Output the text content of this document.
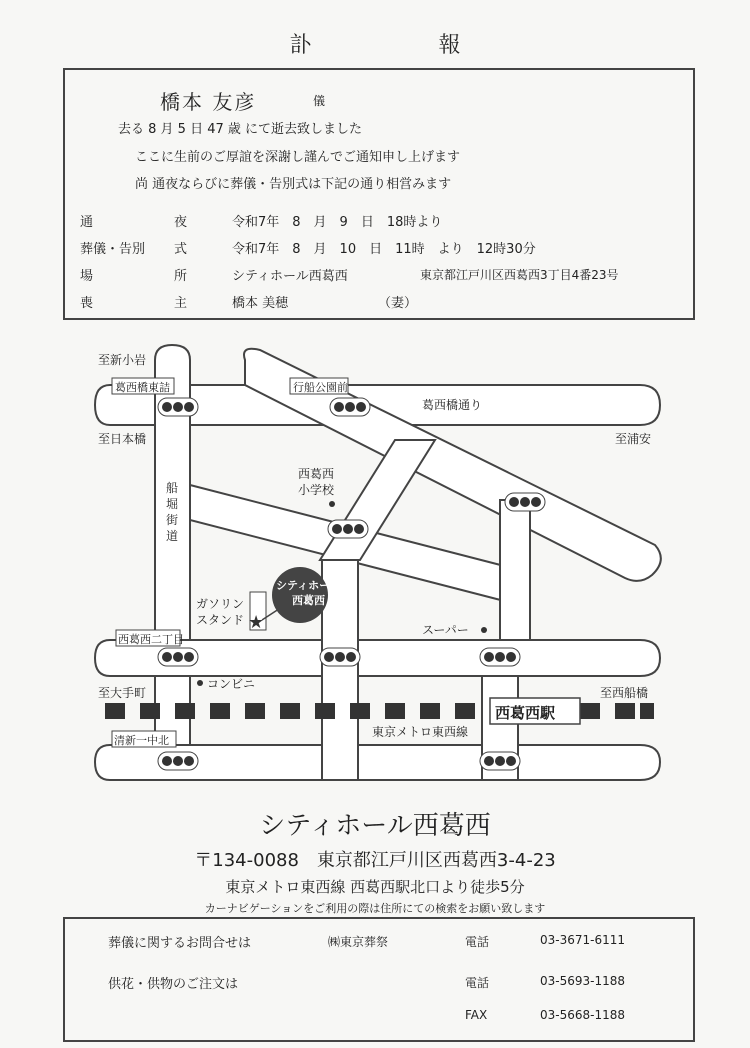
訃 報
橋本 友彦	儀
去る 8 月 5 日 47 歳 にて逝去致しました
ここに生前のご厚誼を深謝し謹んでご通知申し上げます
尚 通夜ならびに葬儀・告別式は下記の通り相営みます
通	夜	令和7年　8　月　9　日　18時より
葬儀・告別 式	令和7年　8　月　10　日　11時　より　12時30分
場	所	シティホール西葛西	東京都江戸川区西葛西3丁目4番23号
喪	主	橋本 美穂	（妻）
★
至新小岩
葛西橋東詰	行船公園前
葛西橋通り
至日本橋	至浦安
船堀街道
西葛西
小学校
シティホール
西葛西
ガソリン
スタンド
スーパー
西葛西二丁目
コンビニ
至大手町	至西船橋
西葛西駅
清新一中北
東京メトロ東西線
シティホール西葛西
〒134-0088　東京都江戸川区西葛西3-4-23
東京メトロ東西線 西葛西駅北口より徒歩5分
カーナビゲーションをご利用の際は住所にての検索をお願い致します
葬儀に関するお問合せは	㈱東京葬祭	電話	03-3671-6111
供花・供物のご注文は	電話	03-5693-1188
FAX	03-5668-1188
